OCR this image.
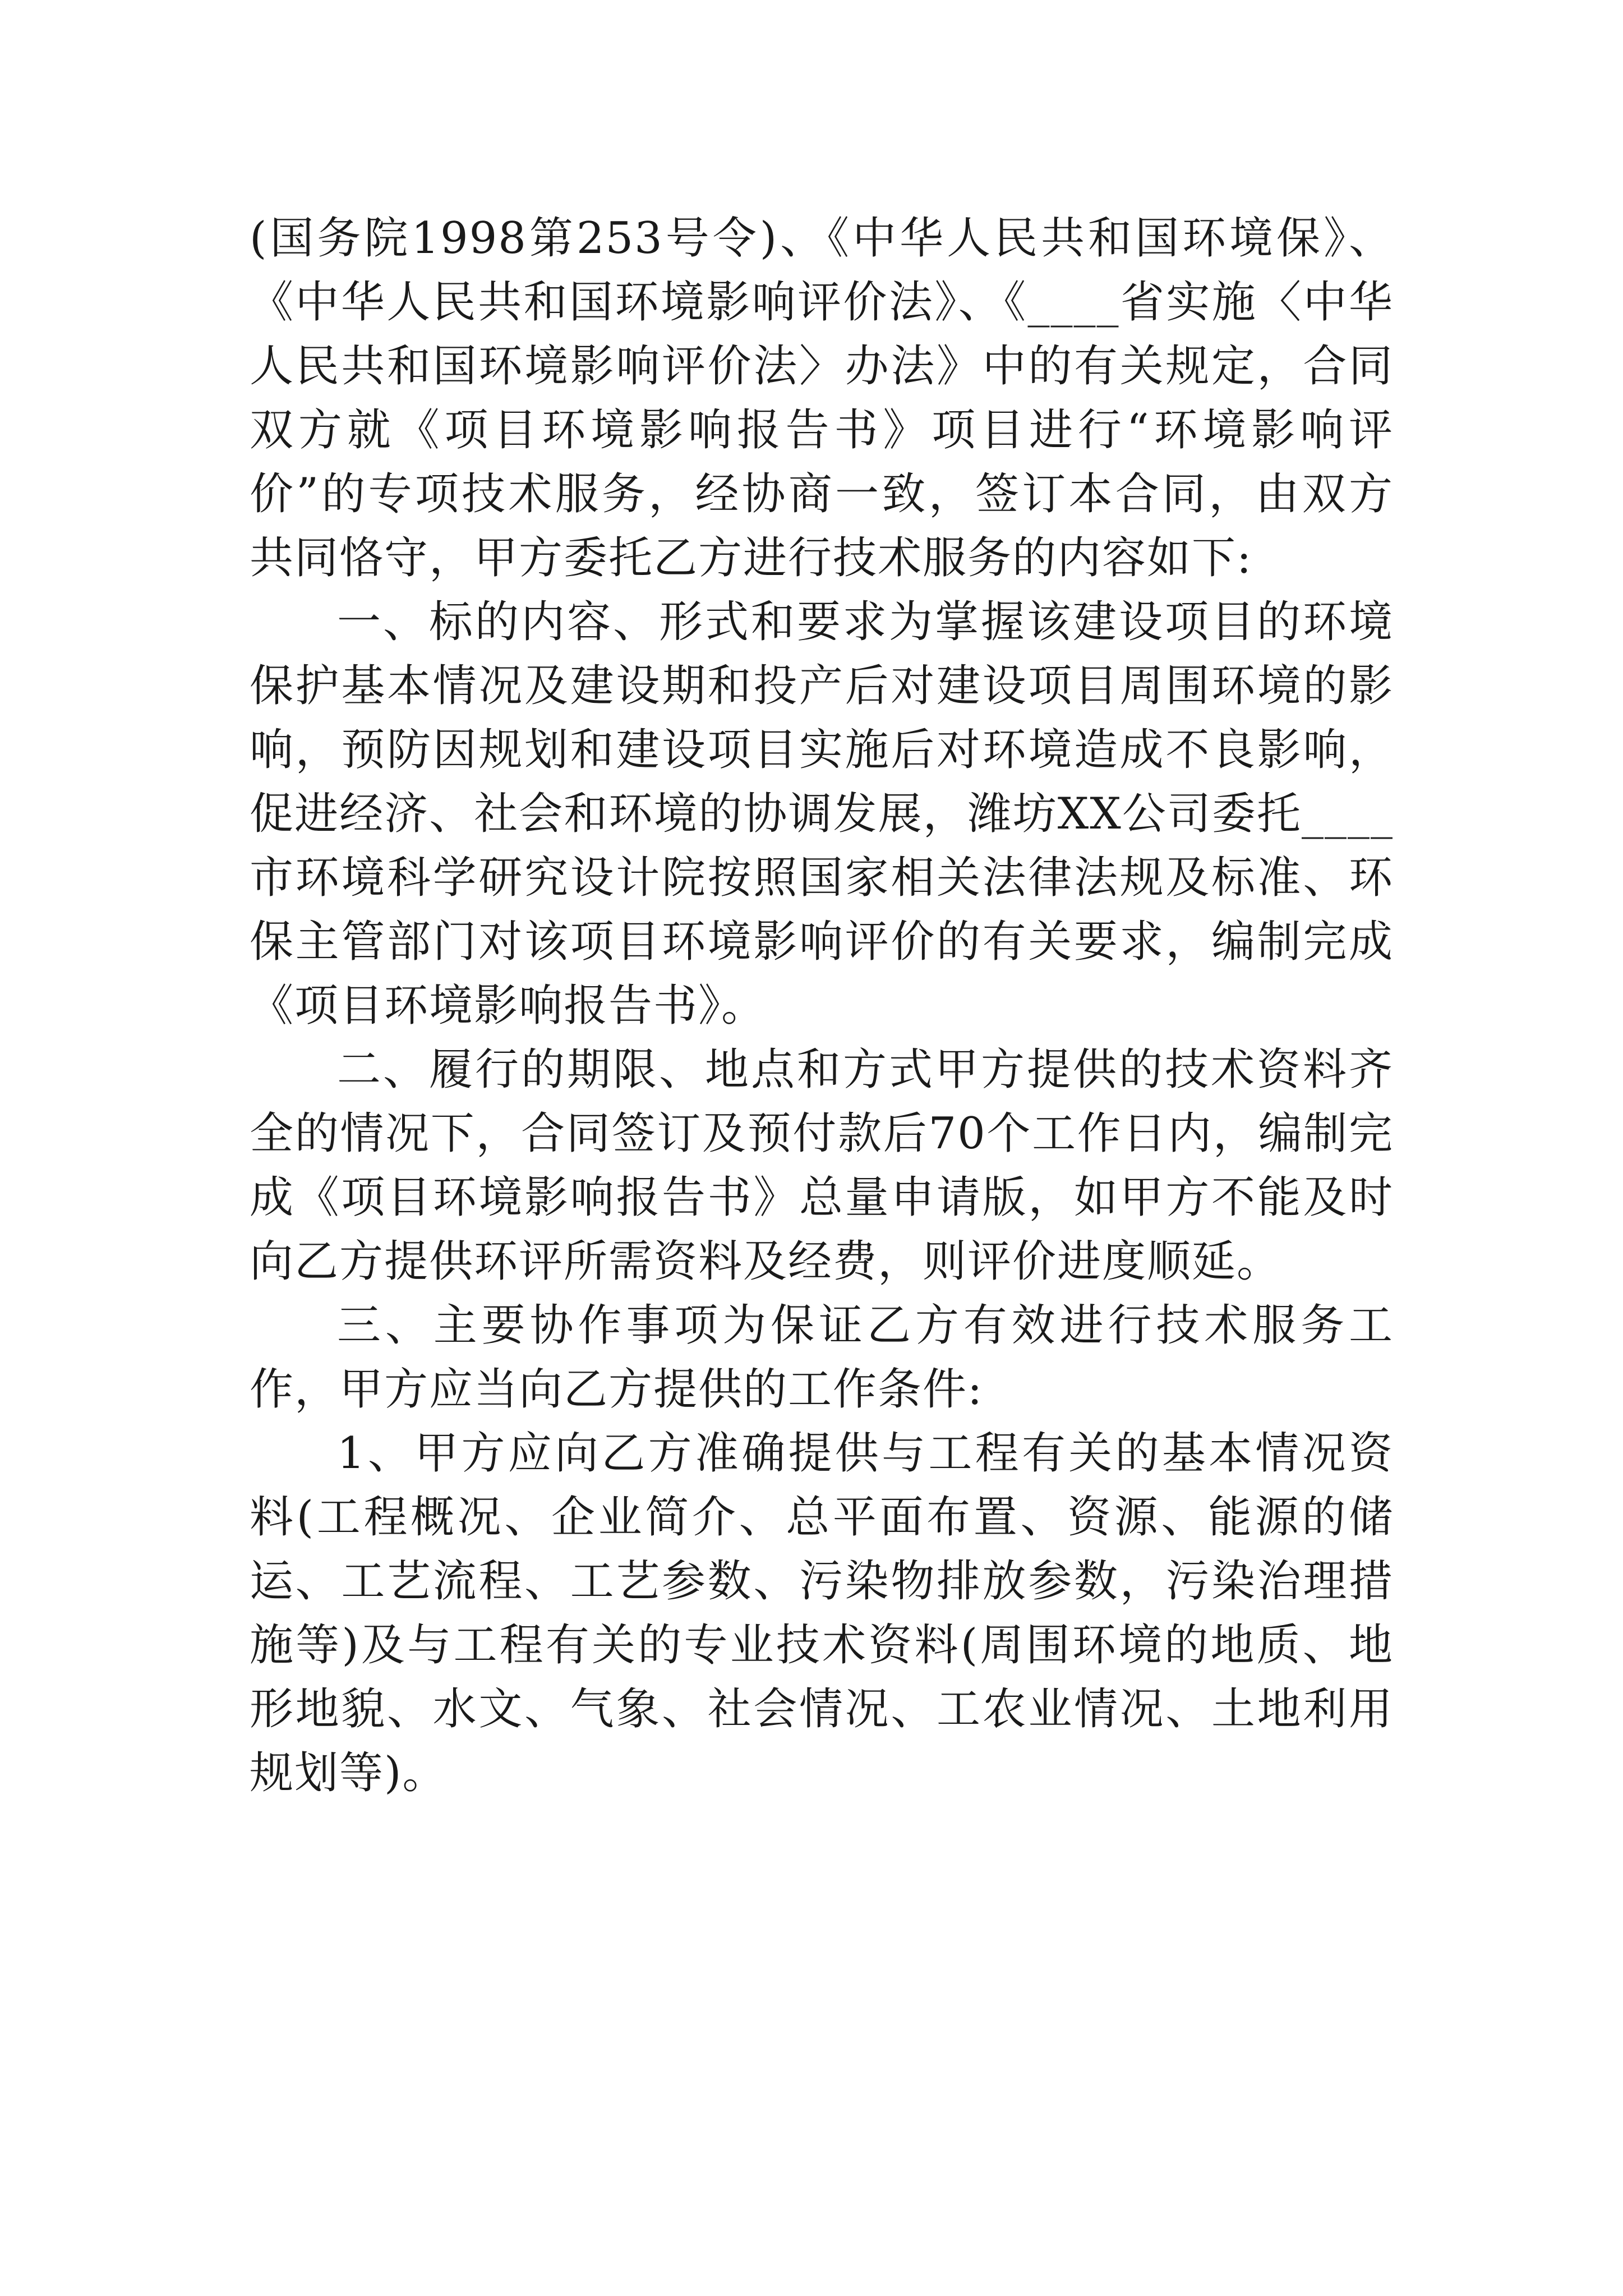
(国务院1998第253号令)、《中华人民共和国环境保》、《中华人民共和国环境影响评价法》、《____省实施〈中华人民共和国环境影响评价法〉办法》中的有关规定，合同双方就《项目环境影响报告书》项目进行“环境影响评价”的专项技术服务，经协商一致，签订本合同，由双方共同恪守，甲方委托乙方进行技术服务的内容如下:

一、标的内容、形式和要求为掌握该建设项目的环境保护基本情况及建设期和投产后对建设项目周围环境的影响，预防因规划和建设项目实施后对环境造成不良影响，促进经济、社会和环境的协调发展，潍坊XX公司委托____市环境科学研究设计院按照国家相关法律法规及标准、环保主管部门对该项目环境影响评价的有关要求，编制完成《项目环境影响报告书》。

二、履行的期限、地点和方式甲方提供的技术资料齐全的情况下，合同签订及预付款后70个工作日内，编制完成《项目环境影响报告书》总量申请版，如甲方不能及时向乙方提供环评所需资料及经费，则评价进度顺延。

三、主要协作事项为保证乙方有效进行技术服务工作，甲方应当向乙方提供的工作条件:

1、甲方应向乙方准确提供与工程有关的基本情况资料(工程概况、企业简介、总平面布置、资源、能源的储运、工艺流程、工艺参数、污染物排放参数，污染治理措施等)及与工程有关的专业技术资料(周围环境的地质、地形地貌、水文、气象、社会情况、工农业情况、土地利用规划等)。
